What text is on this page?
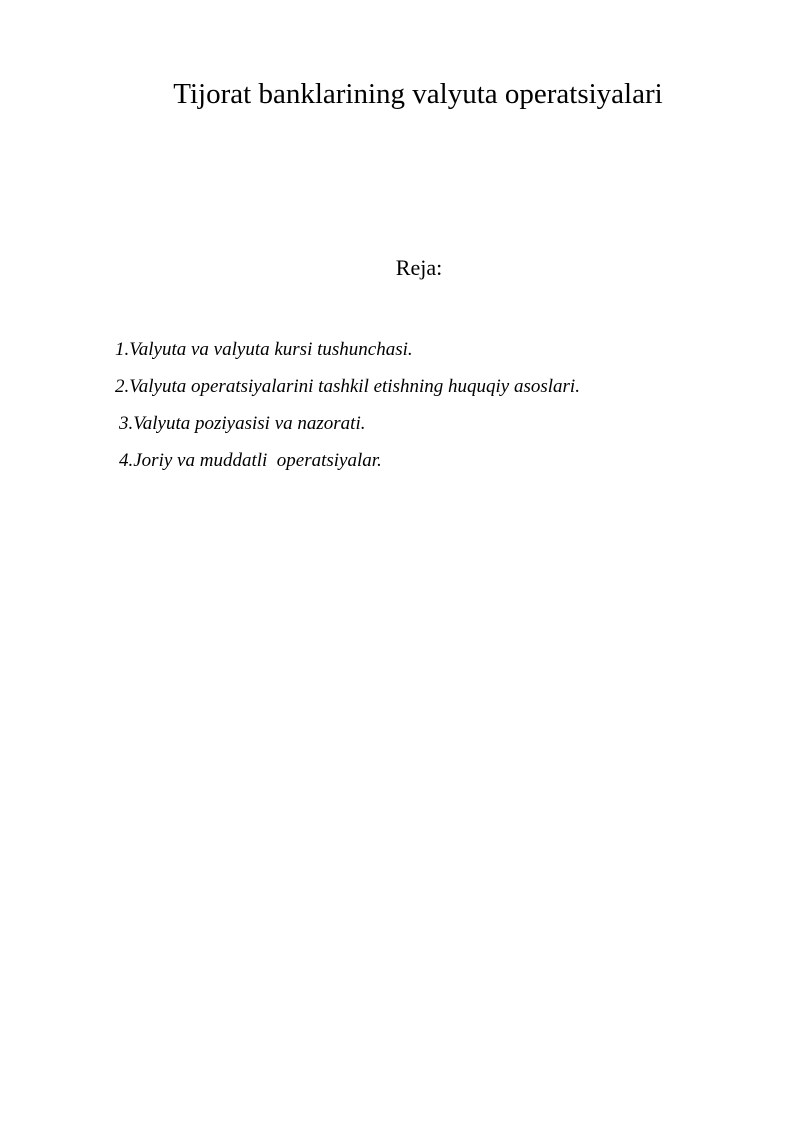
Tijorat banklarining valyuta operatsiyalari
Reja:
1.Valyuta va valyuta kursi tushunchasi.
2.Valyuta operatsiyalarini tashkil etishning huquqiy asoslari.
3.Valyuta poziyasisi va nazorati.
4.Joriy va muddatli  operatsiyalar.
